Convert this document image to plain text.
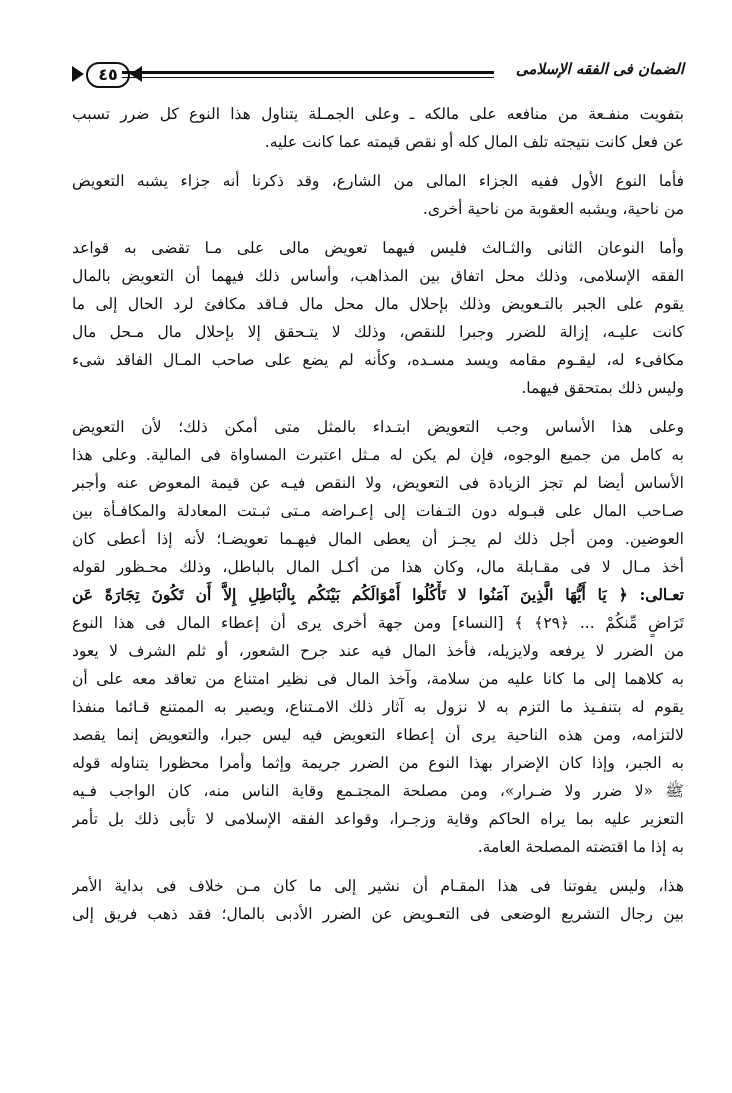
الضمان فى الفقه الإسلامى
٤٥
بتفويت منفـعة من منافعه على مالكه ـ وعلى الجمـلة يتناول هذا النوع كل ضرر تسبب
عن فعل كانت نتيجته تلف المال كله أو نقص قيمته عما كانت عليه.
فأما النوع الأول ففيه الجزاء المالى من الشارع، وقد ذكرنا أنه جزاء يشبه التعويض
من ناحية، ويشبه العقوبة من ناحية أخرى.
وأما النوعان الثانى والثـالث فليس فيهما تعويض مالى على مـا تقضى به قواعد
الفقه الإسلامى، وذلك محل اتفاق بين المذاهب، وأساس ذلك فيهما أن التعويض بالمال
يقوم على الجبر بالتـعويض وذلك بإحلال مال محل مال فـاقد مكافئ لرد الحال إلى ما
كانت عليـه، إزالة للضرر وجبرا للنقص، وذلك لا يتـحقق إلا بإحلال مال مـحل مال
مكافىء له، ليقـوم مقامه ويسد مسـده، وكأنه لم يضع على صاحب المـال الفاقد شىء
وليس ذلك بمتحقق فيهما.
وعلى هذا الأساس وجب التعويض ابتـداء بالمثل متى أمكن ذلك؛ لأن التعويض
به كامل من جميع الوجوه، فإن لم يكن له مـثل اعتبرت المساواة فى المالية. وعلى هذا
الأساس أيضا لم تجز الزيادة فى التعويض، ولا النقص فيـه عن قيمة المعوض عنه وأجبر
صـاحب المال على قبـوله دون التـفات إلى إعـراضه مـتى ثبـتت المعادلة والمكافـأة بين
العوضين. ومن أجل ذلك لم يجـز أن يعطى المال فيهـما تعويضـا؛ لأنه إذا أعطى كان
أخذ مـال لا فى مقـابلة مال، وكان هذا من أكـل المال بالباطل، وذلك محـظور لقوله
تعـالى: ﴿ يَا أَيُّهَا الَّذِينَ آمَنُوا لا تَأْكُلُوا أَمْوَالَكُم بَيْنَكُم بِالْبَاطِلِ إِلاَّ أَن تَكُونَ تِجَارَةً عَن
تَرَاضٍ مِّنكُمْ ... ﴿٢٩﴾ ﴾ [النساء] ومن جهة أخرى يرى أن إعطاء المال فى هذا النوع
من الضرر لا يرفعه ولايزيله، فأخذ المال فيه عند جرح الشعور، أو ثلم الشرف لا يعود
به كلاهما إلى ما كانا عليه من سلامة، وآخذ المال فى نظير امتناع من تعاقد معه على أن
يقوم له بتنفـيذ ما التزم به لا نزول به آثار ذلك الامـتناع، ويصير به الممتنع قـائما منفذا
لالتزامه، ومن هذه الناحية يرى أن إعطاء التعويض فيه ليس جبرا، والتعويض إنما يقصد
به الجبر، وإذا كان الإضرار بهذا النوع من الضرر جريمة وإثما وأمرا محظورا يتناوله قوله
ﷺ «لا ضرر ولا ضـرار»، ومن مصلحة المجتـمع وقاية الناس منه، كان الواجب فـيه
التعزير عليه بما يراه الحاكم وقاية وزجـرا، وقواعد الفقه الإسلامى لا تأبى ذلك بل تأمر
به إذا ما اقتضته المصلحة العامة.
هذا، وليس يفوتنا فى هذا المقـام أن نشير إلى ما كان مـن خلاف فى بداية الأمر
بين رجال التشريع الوضعى فى التعـويض عن الضرر الأدبى بالمال؛ فقد ذهب فريق إلى
